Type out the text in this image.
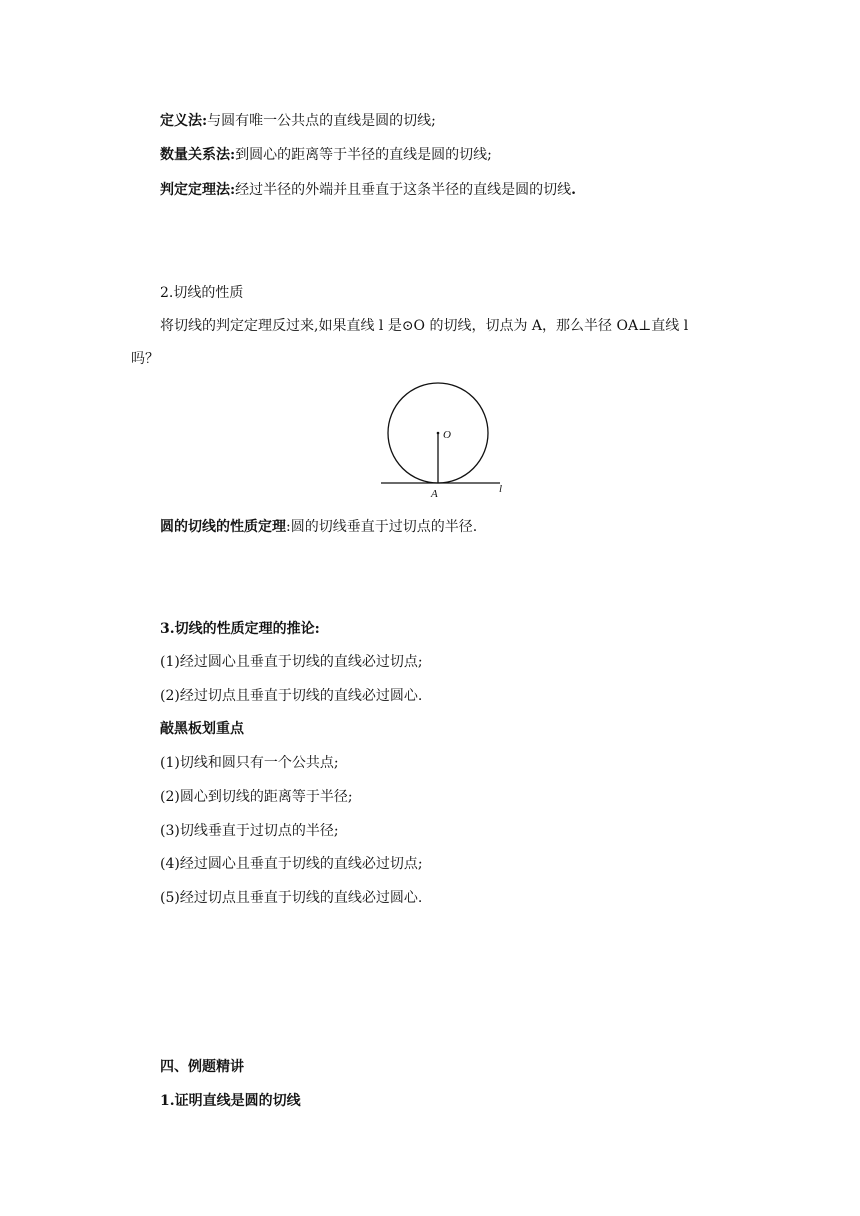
定义法:与圆有唯一公共点的直线是圆的切线;
数量关系法:到圆心的距离等于半径的直线是圆的切线;
判定定理法:经过半径的外端并且垂直于这条半径的直线是圆的切线.
2.切线的性质
将切线的判定定理反过来,如果直线 l 是⊙O 的切线，切点为 A，那么半径 OA⊥直线 l
吗？
O
A	l
圆的切线的性质定理:圆的切线垂直于过切点的半径.
3.切线的性质定理的推论:
(1)经过圆心且垂直于切线的直线必过切点;
(2)经过切点且垂直于切线的直线必过圆心.
敲黑板划重点
(1)切线和圆只有一个公共点;
(2)圆心到切线的距离等于半径;
(3)切线垂直于过切点的半径;
(4)经过圆心且垂直于切线的直线必过切点;
(5)经过切点且垂直于切线的直线必过圆心.
四、例题精讲
1.证明直线是圆的切线
